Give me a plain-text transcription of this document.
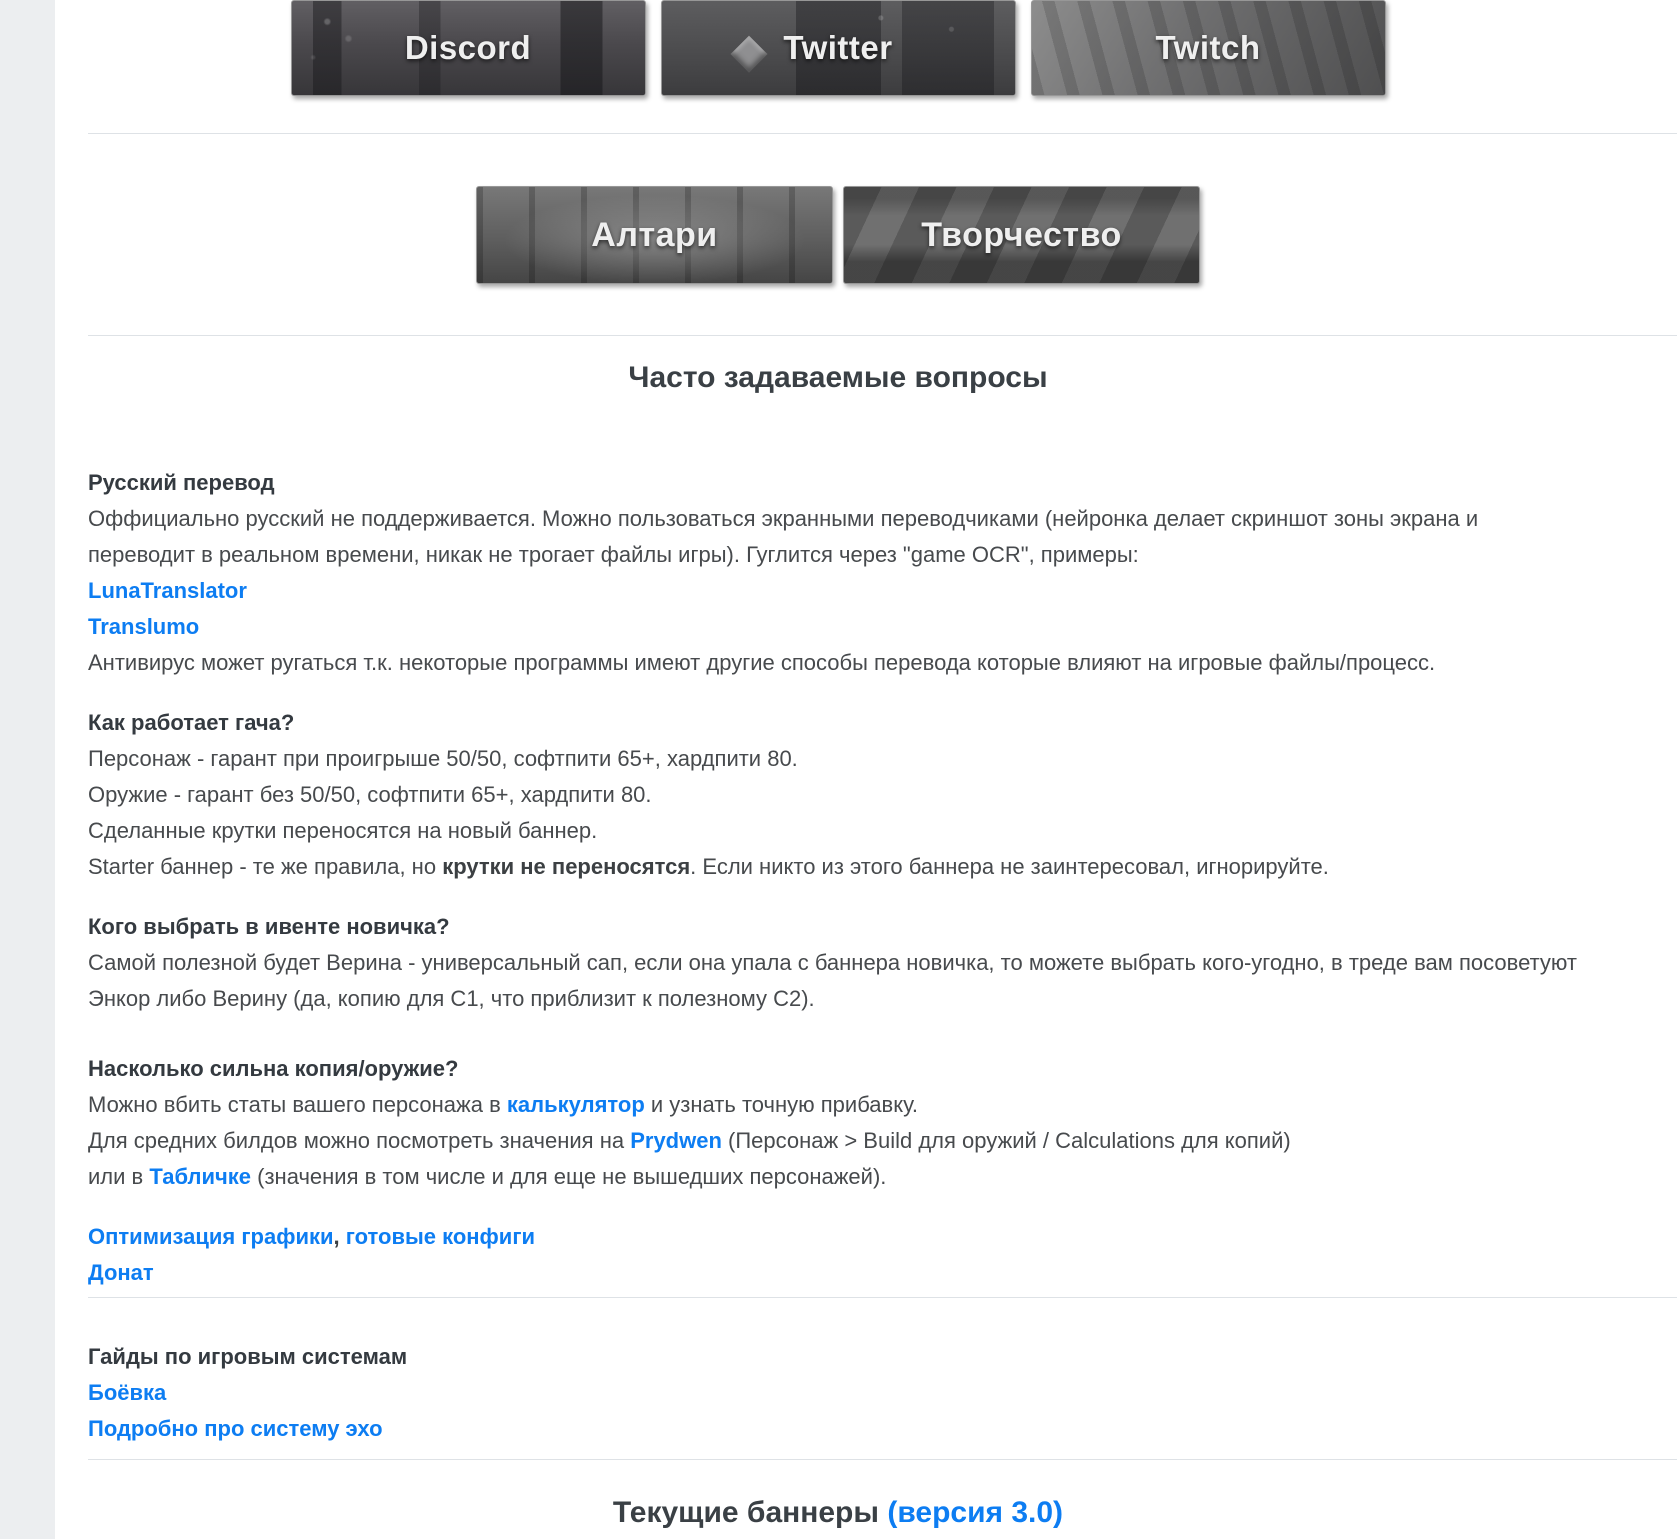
Discord	Twitter	Twitch
Алтари	Творчество
Часто задаваемые вопросы
Русский перевод
Оффициально русский не поддерживается. Можно пользоваться экранными переводчиками (нейронка делает скриншот зоны экрана и
переводит в реальном времени, никак не трогает файлы игры). Гуглится через "game OCR", примеры:
LunaTranslator
Translumo
Антивирус может ругаться т.к. некоторые программы имеют другие способы перевода которые влияют на игровые файлы/процесс.
Как работает гача?
Персонаж - гарант при проигрыше 50/50, софтпити 65+, хардпити 80.
Оружие - гарант без 50/50, софтпити 65+, хардпити 80.
Сделанные крутки переносятся на новый баннер.
Starter баннер - те же правила, но крутки не переносятся. Если никто из этого баннера не заинтересовал, игнорируйте.
Кого выбрать в ивенте новичка?
Самой полезной будет Верина - универсальный сап, если она упала с баннера новичка, то можете выбрать кого-угодно, в треде вам посоветуют
Энкор либо Верину (да, копию для C1, что приблизит к полезному C2).
Насколько сильна копия/оружие?
Можно вбить статы вашего персонажа в калькулятор и узнать точную прибавку.
Для средних билдов можно посмотреть значения на Prydwen (Персонаж > Build для оружий / Calculations для копий)
или в Табличке (значения в том числе и для еще не вышедших персонажей).
Оптимизация графики, готовые конфиги
Донат
Гайды по игровым системам
Боёвка
Подробно про систему эхо
Текущие баннеры (версия 3.0)
